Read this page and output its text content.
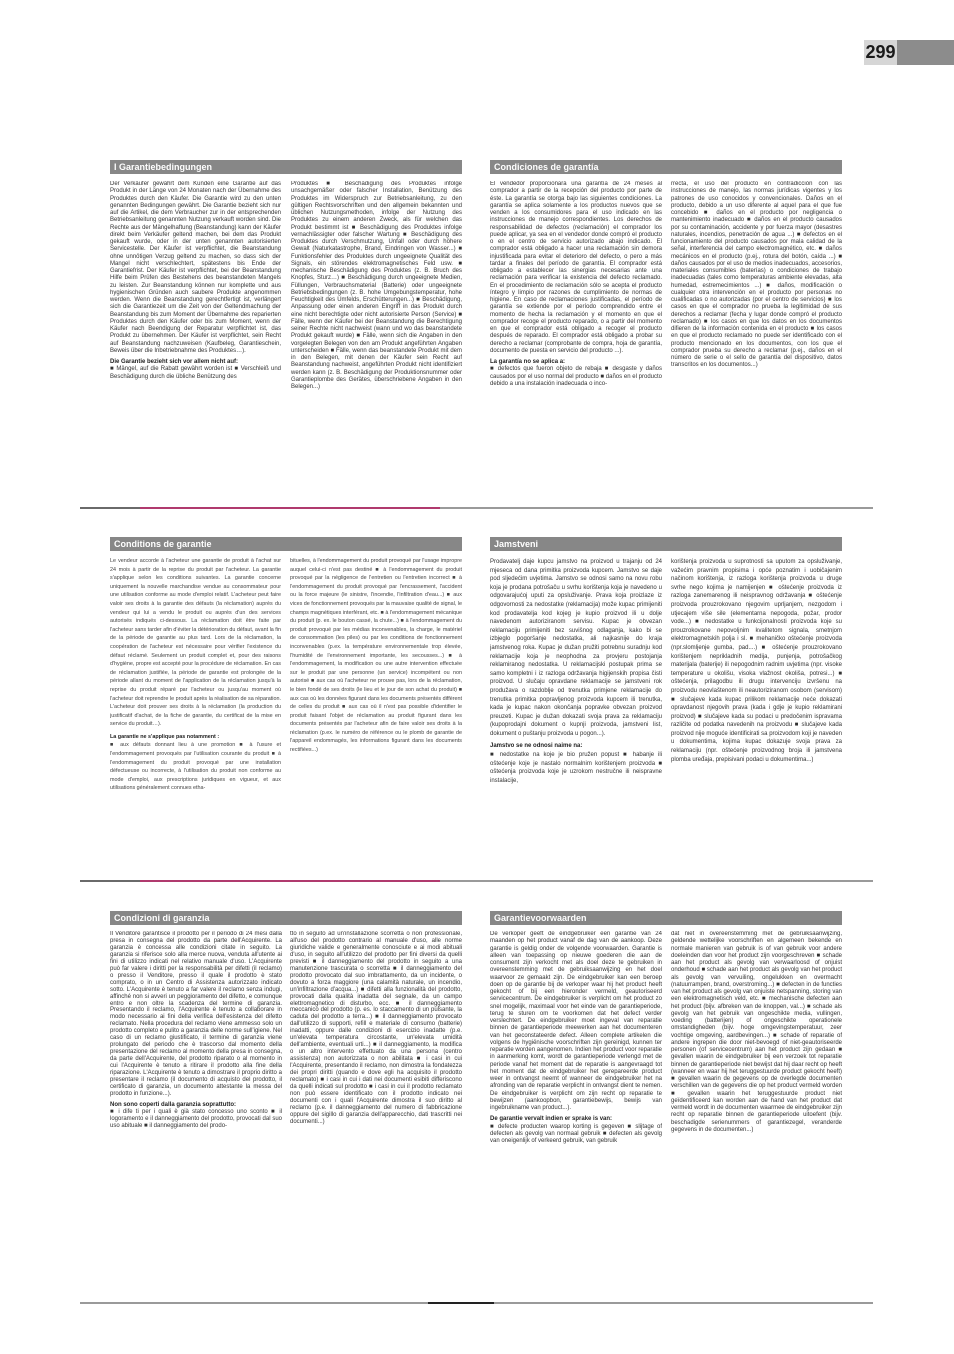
299
I Garantiebedingungen

Der Verkäufer gewährt dem Kunden eine Garantie auf das Produkt in der Länge von 24 Monaten nach der Übernahme des Produktes durch den Käufer. Die Garantie wird zu den unten genannten Bedingungen gewährt. Die Garantie bezieht sich nur auf die Artikel, die dem Verbraucher zur in der entsprechenden Betriebsanleitung genannten Nutzung verkauft worden sind. Die Rechte aus der Mängelhaftung (Beanstandung) kann der Käufer direkt beim Verkäufer geltend machen, bei dem das Produkt gekauft wurde, oder in der unten genannten autorisierten Servicestelle. Der Käufer ist verpflichtet, die Beanstandung ohne unnötigen Verzug geltend zu machen, so dass sich der Mangel nicht verschlechtert, spätestens bis Ende der Garantiefrist. Der Käufer ist verpflichtet, bei der Beanstandung Hilfe beim Prüfen des Bestehens des beanstandeten Mangels zu leisten. Zur Beanstandung können nur komplette und aus hygienischen Gründen auch saubere Produkte angenommen werden. Wenn die Beanstandung gerechtfertigt ist, verlängert sich die Garantiezeit um die Zeit von der Geltendmachung der Beanstandung bis zum Moment der Übernahme des reparierten Produktes durch den Käufer oder bis zum Moment, wenn der Käufer nach Beendigung der Reparatur verpflichtet ist, das Produkt zu übernehmen. Der Käufer ist verpflichtet, sein Recht auf Beanstandung nachzuweisen (Kaufbeleg, Garantieschein, Beweis über die Inbetriebnahme des Produktes…).

Die Garantie bezieht sich vor allem nicht auf:

■ Mängel, auf die Rabatt gewährt worden ist ■ Verschleiß und Beschädigung durch die übliche Benützung des

Produktes ■ Beschädigung des Produktes infolge unsachgemäßer oder falscher Installation, Benützung des Produktes im Widerspruch zur Betriebsanleitung, zu den gültigen Rechtsvorschriften und den allgemein bekannten und üblichen Nutzungsmethoden, infolge der Nutzung des Produktes zu einem anderen Zweck, als für welchen das Produkt bestimmt ist ■ Beschädigung des Produktes infolge vernachlässigter oder falscher Wartung ■ Beschädigung des Produktes durch Verschmutzung, Unfall oder durch höhere Gewalt (Naturkatastrophe, Brand, Eindringen von Wasser...) ■ Funktionsfehler des Produktes durch ungeeignete Qualität des Signals, ein störendes elektromagnetisches Feld usw. ■ mechanische Beschädigung des Produktes (z. B. Bruch des Knopfes, Sturz…) ■ Beschädigung durch ungeeignete Medien, Füllungen, Verbrauchsmaterial (Batterie) oder ungeeignete Betriebsbedingungen (z. B. hohe Umgebungstemperatur, hohe Feuchtigkeit des Umfelds, Erschütterungen...) ■ Beschädigung, Anpassung oder einen anderen Eingriff in das Produkt durch eine nicht berechtigte oder nicht autorisierte Person (Service) ■ Fälle, wenn der Käufer bei der Beanstandung die Berechtigung seiner Rechte nicht nachweist (wann und wo das beanstandete Produkt gekauft wurde) ■ Fälle, wenn sich die Angaben in den vorgelegten Belegen von den am Produkt angeführten Angaben unterscheiden ■ Fälle, wenn das beanstandete Produkt mit dem in den Belegen, mit denen der Käufer sein Recht auf Beanstandung nachweist, angeführten Produkt nicht identifiziert werden kann (z. B. Beschädigung der Produktionsnummer oder Garantieplombe des Gerätes, überschriebene Angaben in den Belegen...)

Condiciones de garantía

El vendedor proporcionará una garantía de 24 meses al comprador a partir de la recepción del producto por parte de éste. La garantía se otorga bajo las siguientes condiciones. La garantía se aplica solamente a los productos nuevos que se venden a los consumidores para el uso indicado en las instrucciones de manejo correspondientes. Los derechos de responsabilidad de defectos (reclamación) el comprador los puede aplicar, ya sea en el vendedor donde compró el producto o en el centro de servicio autorizado abajo indicado. El comprador está obligado a hacer una reclamación sin demora injustificada para evitar el deterioro del defecto, o pero a más tardar a finales del período de garantía. El comprador está obligado a establecer las sinergias necesarias ante una reclamación para verificar la existencia del defecto reclamado. En el procedimiento de reclamación sólo se acepta el producto íntegro y limpio por razones de cumplimiento de normas de higiene. En caso de reclamaciones justificadas, el período de garantía se extiende por el período comprendido entre el momento de hecha la reclamación y el momento en que el comprador recoge el producto reparado, o a partir del momento en que el comprador está obligado a recoger el producto después de reparado. El comprador está obligado a probar su derecho a reclamar (comprobante de compra, hoja de garantía, documento de puesta en servicio del producto ...).

La garantía no se aplica a:

■ defectos que fueron objeto de rebaja ■ desgaste y daños causados por el uso normal del producto ■ daños en el producto debido a una instalación inadecuada o inco-

rrecta, el uso del producto en contradicción con las instrucciones de manejo, las normas jurídicas vigentes y los patrones de uso conocidos y convencionales. Daños en el producto, debido a un uso diferente al aquel para el que fue concebido ■ daños en el producto por negligencia o mantenimiento inadecuado ■ daños en el producto causados por su contaminación, accidente y por fuerza mayor (desastres naturales, incendios, penetración de agua ...) ■ defectos en el funcionamiento del producto causados por mala calidad de la señal, interferencia del campo electromagnético, etc. ■ daños mecánicos en el producto (p.ej., rotura del botón, caída ...) ■ daños causados por el uso de medios inadecuados, accesorios, materiales consumibles (baterías) o condiciones de trabajo inadecuadas (tales como temperaturas ambiente elevadas, alta humedad, estremecimientos ...) ■ daños, modificación o cualquier otra intervención en el producto por personas no cualificadas o no autorizadas (por el centro de servicios) ■ los casos en que el comprador no prueba la legitimidad de sus derechos a reclamar (fecha y lugar donde compró el producto reclamado) ■ los casos en que los datos en los documentos difieren de la información contenida en el producto ■ los casos en que el producto reclamado no puede ser identificado con el producto mencionado en los documentos, con los que el comprador prueba su derecho a reclamar (p.ej., daños en el número de serie o el sello de garantía del dispositivo, datos transcritos en los documentos...)

Conditions de garantie

Le vendeur accorde à l'acheteur une garantie de produit à l'achat sur 24 mois à partir de la reprise du produit par l'acheteur. La garantie s'applique selon les conditions suivantes. La garantie concerne uniquement la nouvelle marchandise vendue au consommateur pour une utilisation conforme au mode d'emploi relatif. L'acheteur peut faire valoir ses droits à la garantie des défauts (la réclamation) auprès du vendeur qui lui a vendu le produit ou auprès d'un des services autorisés indiqués ci-dessous. La réclamation doit être faite par l'acheteur sans tarder afin d'éviter la détérioration du défaut, avant la fin de la période de garantie au plus tard. Lors de la réclamation, la coopération de l'acheteur est nécessaire pour vérifier l'existence du défaut réclamé. Seulement un produit complet et, pour des raisons d'hygiène, propre est accepté pour la procédure de réclamation. En cas de réclamation justifiée, la période de garantie est prolongée de la période allant du moment de l'application de la réclamation jusqu'à la reprise du produit réparé par l'acheteur ou jusqu'au moment où l'acheteur doit reprendre le produit après la réalisation de sa réparation. L'acheteur doit prouver ses droits à la réclamation (la production du justificatif d'achat, de la fiche de garantie, du certificat de la mise en service du produit…).

La garantie ne s'applique pas notamment :

■ aux défauts donnant lieu à une promotion ■ à l'usure et l'endommagement provoqués par l'utilisation courante du produit ■ à l'endommagement du produit provoqué par une installation défectueuse ou incorrecte, à l'utilisation du produit non conforme au mode d'emploi, aux prescriptions juridiques en vigueur, et aux utilisations généralement connues etha-

bituelles, à l'endommagement du produit provoqué par l'usage impropre auquel celui-ci n'est pas destiné ■ à l'endommagement du produit provoqué par la négligence de l'entretien ou l'entretien incorrect ■ à l'endommagement du produit provoqué par l'encrassement, l'accident ou la force majeure (le sinistre, l'incendie, l'infiltration d'eau...) ■ aux vices de fonctionnement provoqués par la mauvaise qualité de signal, le champs magnétiques interférant, etc. ■ à l'endommagement mécanique du produit (p. ex. le bouton cassé, la chute...) ■ à l'endommagement du produit provoqué par les médias inconvenables, la charge, le matériel de consommation (les piles) ou par les conditions de fonctionnement inconvenables (p.ex. la température environnementale trop élevée, l'humidité de l'environnement importante, les secousses...) ■ à l'endommagement, la modification ou une autre intervention effectuée sur le produit par une personne (un service) incompétent ou non autorisé ■ aux cas où l'acheteur ne prouve pas, lors de la réclamation, le bien fondé de ses droits (le lieu et le jour de son achat du produit) ■ aux cas où les données figurant dans les documents présentés diffèrent de celles du produit ■ aux cas où il n'est pas possible d'identifier le produit faisant l'objet de réclamation au produit figurant dans les documents présentés par l'acheteur afin de faire valoir ses droits à la réclamation (p.ex. le numéro de référence ou le plomb de garantie de l'appareil endommagés, les informations figurant dans les documents rectifiées...)

Jamstveni

Prodavatelj daje kupcu jamstvo na proizvod u trajanju od 24 mjeseca od dana primitka proizvoda kupcem. Jamstvo se daje pod sljedećim uvjetima. Jamstvo se odnosi samo na novu robu koja je prodana potrošaču u svrhu korištenja koja je navedeno u odgovarajućoj uputi za opsluživanje. Prava koja proizlaze iz odgovornosti za nedostatke (reklamacija) može kupac primijeniti kod prodavatelja kod kojeg je kupio proizvod ili u dolje navedenom autoriziranom servisu. Kupac je obvezan reklamaciju primijeniti bez suvišnog odlaganja, kako bi se izbjeglo pogoršanje nedostatka, ali najkasnije do kraja jamstvenog roka. Kupac je dužan pružiti potrebnu suradnju kod reklamacije koja je neophodna za provjeru postojanja reklamiranog nedostatka. U reklamacijski postupak prima se samo kompletni i iz razloga održavanja higijenskih propisa čisti proizvod. U slučaju opravdane reklamacije se jamstveni rok produžava o razdoblje od trenutka primjene reklamacije do trenutka primitka popravljenog proizvoda kupcem ili trenutka, kada je kupac nakon okončanja popravke obvezan proizvod preuzeti. Kupac je dužan dokazati svoja prava za reklamaciju (kupoprodajni dokument o kupnji proizvoda, jamstveni list, dokument o puštanju proizvoda u pogon...).

Jamstvo se ne odnosi naime na:

■ nedostatke na koje je bio pružen popust ■ habanje ili oštećenje koje je nastalo normalnim korištenjem proizvoda ■ oštećenja proizvoda koje je uzrokom nestručne ili neispravne instalacije,

korištenja proizvoda u suprotnosti sa uputom za opsluživanje, važećim pravnim propisima i opće poznatim i uobičajenim načinom korištenja, iz razloga korištenja proizvoda u druge svrhe nego kojima je namijenjen ■ oštećenje proizvoda iz razloga zanemarenog ili neispravnog održavanja ■ oštećenje proizvoda prouzrokovano njegovim uprljanjem, nezgodom i utjecajem više sile (elementarna nepogoda, požar, prodor vode...) ■ nedostatke u funkcijonalnosti proizvoda koje su prouzrokovane nepovoljnim kvalitetom signala, smetnjom elektromagnetskih polja i sl. ■ mehaničko oštećenje proizvoda (npr.slomljenje gumba, pad....) ■ oštećenje prouzrokovano korištenjem neprikladnih medija, punjenja, potrošačkog materijala (baterije) ili nepogodnim radnim uvjetima (npr. visoke temperature u okolišu, visoka vlažnost okoliša, potresi...) ■ oštećenja, prilagodbu ili drugu intervenciju izvršenu na proizvodu neovlaštenom ili neautoriziranom osobom (servisom) ■ slučajeve kada kupac prilikom reklamacije neće dokazati opravdanost njegovih prava (kada i gdje je kupio reklamirani proizvod) ■ slučajeve kada su podaci u predočenim ispravama različite od podatka navedenih na proizvodu ■ slučajeve kada proizvod nije moguće identificirati sa proizvodom koji je naveden u dokumentima, kojima kupac dokazuje svoja prava za reklamaciju (npr. oštećenje proizvodnog broja ili jamstvena plomba uređaja, prepisivani podaci u dokumentima...)

Condizioni di garanzia

Il Venditore garantisce il prodotto per il periodo di 24 mesi dalla presa in consegna del prodotto da parte dell'Acquirente. La garanzia è concessa alle condizioni citate in seguito. La garanzia si riferisce solo alla merce nuova, venduta all'utente ai fini di utilizzo indicati nel relativo manuale d'uso. L'Acquirente può far valere i diritti per la responsabilità per difetti (il reclamo) o presso il Venditore, presso il quale il prodotto è stato comprato, o in un Centro di Assistenza autorizzato indicato sotto. L'Acquirente è tenuto a far valere il reclamo senza indugi, affinché non si avveri un peggioramento del difetto, e comunque entro e non oltre la scadenza del termine di garanzia. Presentando il reclamo, l'Acquirente è tenuto a collaborare in modo necessario ai fini della verifica dell'esistenza del difetto reclamato. Nella procedura del reclamo viene ammesso solo un prodotto completo e pulito a garanzia delle norme sull'igiene. Nel caso di un reclamo giustificato, il termine di garanzia viene prolungato del periodo che è trascorso dal momento della presentazione del reclamo al momento della presa in consegna, da parte dell'Acquirente, del prodotto riparato o al momento in cui l'Acquirente è tenuto a ritirare il prodotto alla fine della riparazione. L'Acquirente è tenuto a dimostrare il proprio diritto a presentare il reclamo (il documento di acquisto del prodotto, il certificato di garanzia, un documento attestante la messa del prodotto in funzione...).

Non sono coperti dalla garanzia soprattutto:

■ i dife ti per i quali è già stato concesso uno sconto ■ il logoramento e il danneggiamento del prodotto, provocati dal suo uso abituale ■ il danneggiamento del prodo-

tto in seguito ad un'installazione scorretta o non professionale, all'uso del prodotto contrario al manuale d'uso, alle norme giuridiche valide e generalmente conosciute e ai modi abituali d'uso, in seguito all'utilizzo del prodotto per fini diversi da quelli previsti ■ il danneggiamento del prodotto in seguito a una manutenzione trascurata o scorretta ■ il danneggiamento del prodotto provocato dal suo imbrattamento, da un incidente, o dovuto a forza maggiore (una calamità naturale, un incendio, un'infiltrazione d'acqua...) ■ difetti alla funzionalità del prodotto, provocati dalla qualità inadatta del segnale, da un campo elettromagnetico di disturbo, ecc. ■ il danneggiamento meccanico del prodotto (p. es. lo staccamento di un pulsante, la caduta del prodotto a terra...) ■ il danneggiamento provocato dall'utilizzo di supporti, refill e materiale di consumo (batterie) inadatti, oppure dalle condizioni di esercizio inadatte (p.e. un'elevata temperatura circostante, un'elevata umidità dell'ambiente, eventuali urti...) ■ il danneggiamento, la modifica o un altro intervento effettuato da una persona (centro assistenza) non autorizzata o non abilitata ■ i casi in cui l'Acquirente, presentando il reclamo, non dimostra la fondatezza dei propri diritti (quando e dove egli ha acquisito il prodotto reclamato) ■ i casi in cui i dati nei documenti esibiti differiscono da quelli indicati sul prodotto ■ i casi in cui il prodotto reclamato non può essere identificato con il prodotto indicato nei documenti con i quali l'Acquirente dimostra il suo diritto al reclamo (p.e. il danneggiamento del numero di fabbricazione oppure del sigillo di garanzia dell'apparecchio, dati trascritti nei documenti...)

Garantievoorwaarden

De verkoper geeft de eindgebruiker een garantie van 24 maanden op het product vanaf de dag van de aankoop. Deze garantie is geldig onder de volgende voorwaarden. Garantie is alleen van toepassing op nieuwe goederen die aan de consument zijn verkocht met als doel deze te gebruiken in overeenstemming met de gebruiksaanwijzing en het doel waarvoor ze gemaakt zijn. De eindgebruiker kan een beroep doen op de garantie bij de verkoper waar hij het product heeft gekocht of bij een hieronder vermeld, geautoriseerd servicecentrum. De eindgebruiker is verplicht om het product zo snel mogelijk, maximaal voor het einde van de garantieperiode, terug te sturen om te voorkomen dat het defect verder verslechtert. De eindgebruiker moet ingeval van reparatie binnen de garantieperiode meewerken aan het documenteren van het geconstateerde defect. Alleen complete artikelen die volgens de hygiënische voorschriften zijn gereinigd, kunnen ter reparatie worden aangenomen. Indien het product voor reparatie in aanmerking komt, wordt de garantieperiode verlengd met de periode vanaf het moment dat de reparatie is aangevraagd tot het moment dat de eindgebruiker het gerepareerde product weer in ontvangst neemt of wanneer de eindgebruiker het na afronding van de reparatie verplicht in ontvangst dient te nemen. De eindgebruiker is verplicht om zijn recht op reparatie te bewijzen (aankoopbon, garantiebewijs, bewijs van ingebruikname van product...).

De garantie vervalt indien er sprake is van:

■ defecte producten waarop korting is gegeven ■ slijtage of defecten als gevolg van normaal gebruik ■ defecten als gevolg van oneigenlijk of verkeerd gebruik, van gebruik

dat niet in overeenstemming met de gebruiksaanwijzing, geldende wettelijke voorschriften en algemeen bekende en normale manieren van gebruik is of van gebruik voor andere doeleinden dan voor het product zijn voorgeschreven ■ schade aan het product als gevolg van verwaarloosd of onjuist onderhoud ■ schade aan het product als gevolg van het product als gevolg van vervuiling, ongelukken en overmacht (natuurrampen, brand, overstroming...) ■ defecten in de functies van het product als gevolg van onjuiste netspanning, storing van een elektromagnetisch veld, etc. ■ mechanische defecten aan het product (bijv. afbreken van de knoppen, val...) ■ schade als gevolg van het gebruik van ongeschikte media, vullingen, voeding (batterijen) of ongeschikte operationele omstandigheden (bijv. hoge omgevingstemperatuur, zeer vochtige omgeving, aardbevingen...) ■ schade of reparatie of andere ingrepen die door niet-bevoegd of niet-geautoriseerde personen (of servicecentrum) aan het product zijn gedaan ■ gevallen waarin de eindgebruiker bij een verzoek tot reparatie binnen de garantieperiode niet bewijst dat hij daar recht op heeft (wanneer en waar hij het teruggestuurde product gekocht heeft) ■ gevallen waarin de gegevens op de overlegde documenten verschillen van de gegevens die op het product vermeld worden ■ gevallen waarin het teruggestuurde product niet geïdentificeerd kan worden aan de hand van het product dat vermeld wordt in de documenten waarmee de eindgebruiker zijn recht op reparatie binnen de garantieperiode uitoefent (bijv. beschadigde serienummers of garantiezegel, veranderde gegevens in de documenten...)
